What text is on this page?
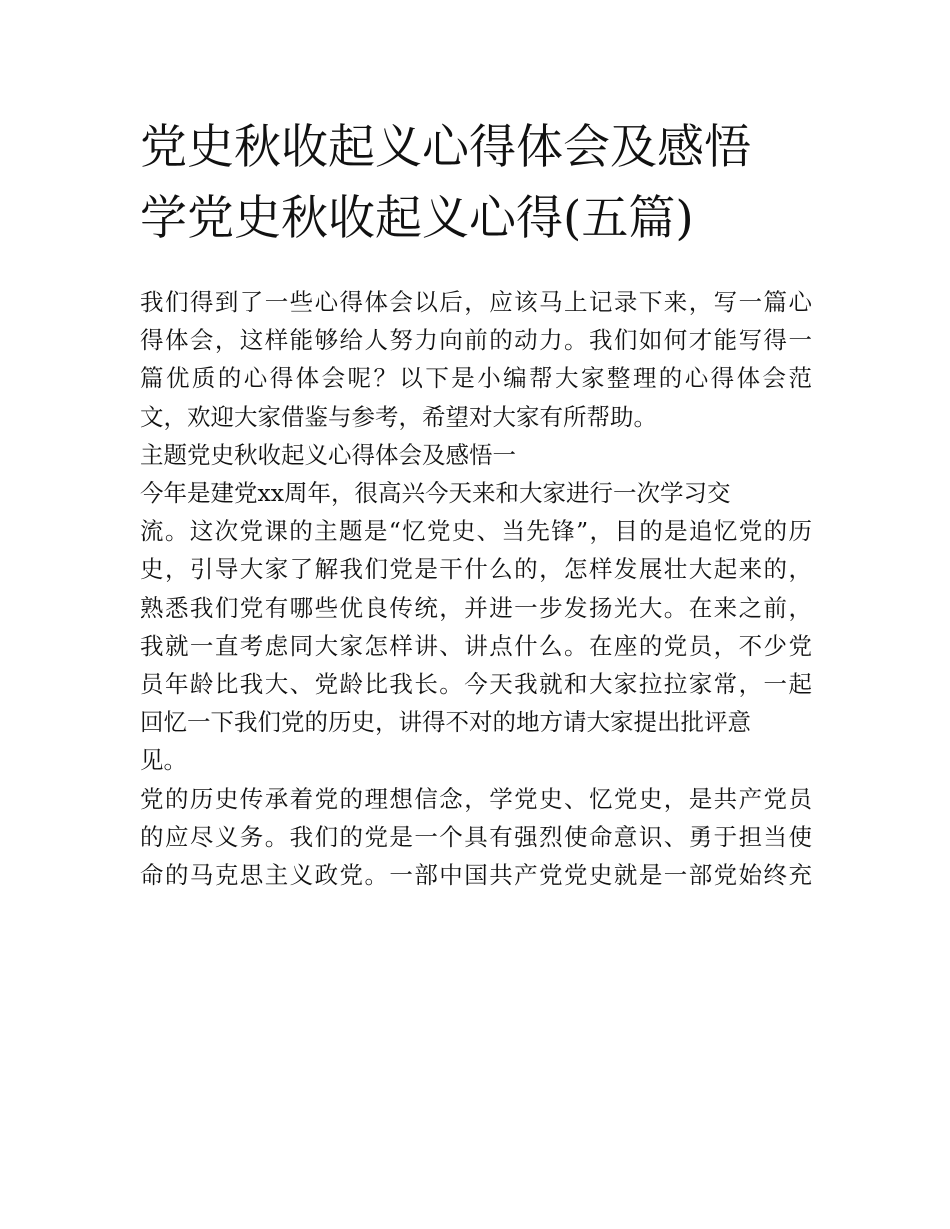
党史秋收起义心得体会及感悟
学党史秋收起义心得(五篇)

我们得到了一些心得体会以后，应该马上记录下来，写一篇心
得体会，这样能够给人努力向前的动力。我们如何才能写得一
篇优质的心得体会呢？以下是小编帮大家整理的心得体会范
文，欢迎大家借鉴与参考，希望对大家有所帮助。

主题党史秋收起义心得体会及感悟一

今年是建党xx周年，很高兴今天来和大家进行一次学习交
流。这次党课的主题是“忆党史、当先锋”，目的是追忆党的历
史，引导大家了解我们党是干什么的，怎样发展壮大起来的，
熟悉我们党有哪些优良传统，并进一步发扬光大。在来之前，
我就一直考虑同大家怎样讲、讲点什么。在座的党员，不少党
员年龄比我大、党龄比我长。今天我就和大家拉拉家常，一起
回忆一下我们党的历史，讲得不对的地方请大家提出批评意
见。

党的历史传承着党的理想信念，学党史、忆党史，是共产党员
的应尽义务。我们的党是一个具有强烈使命意识、勇于担当使
命的马克思主义政党。一部中国共产党党史就是一部党始终充
